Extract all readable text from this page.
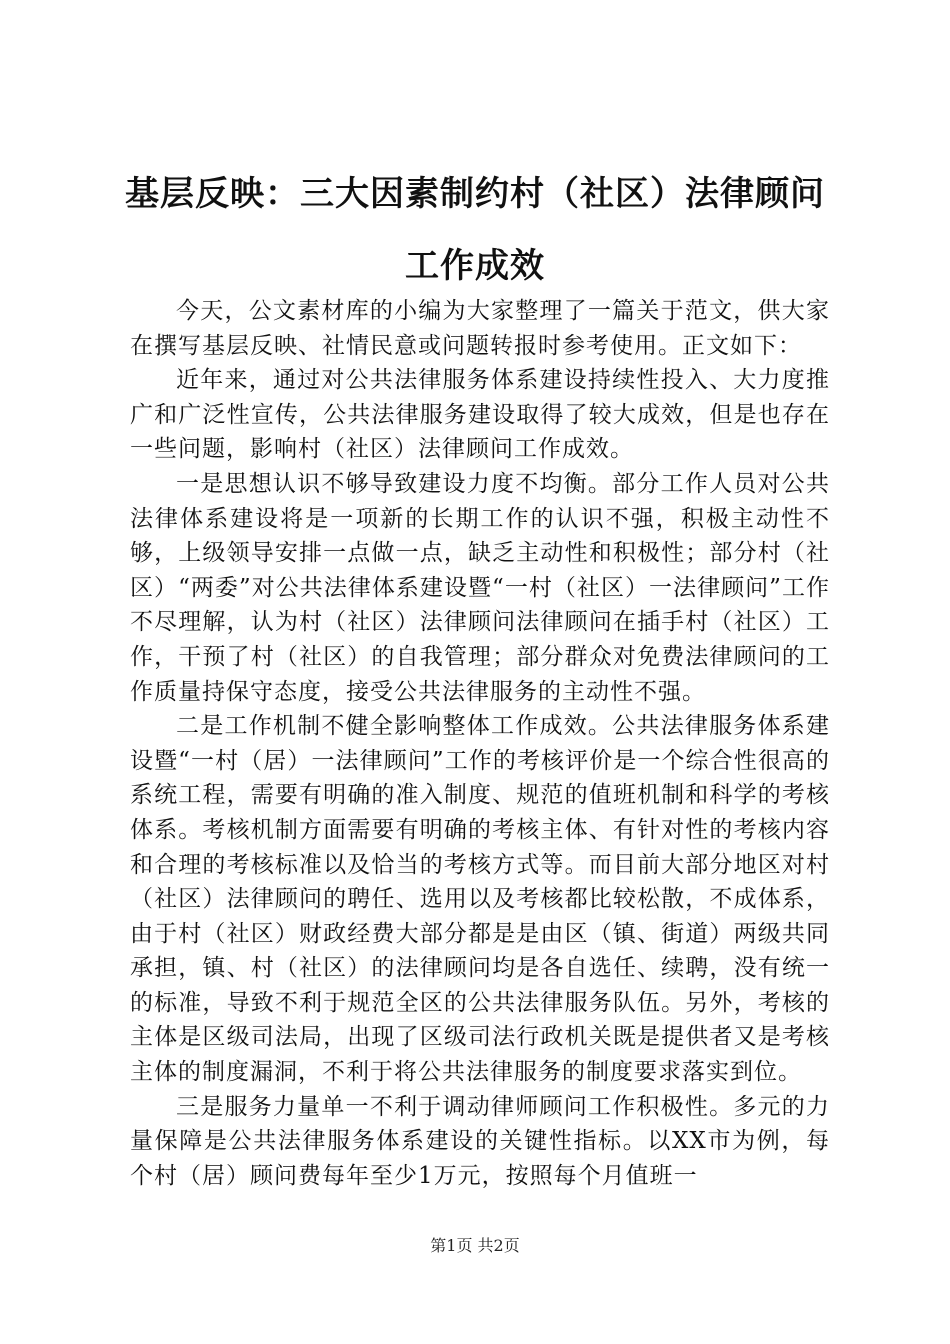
基层反映：三大因素制约村（社区）法律顾问工作成效

今天，公文素材库的小编为大家整理了一篇关于范文，供大家在撰写基层反映、社情民意或问题转报时参考使用。正文如下：

近年来，通过对公共法律服务体系建设持续性投入、大力度推广和广泛性宣传，公共法律服务建设取得了较大成效，但是也存在一些问题，影响村（社区）法律顾问工作成效。

一是思想认识不够导致建设力度不均衡。部分工作人员对公共法律体系建设将是一项新的长期工作的认识不强，积极主动性不够，上级领导安排一点做一点，缺乏主动性和积极性；部分村（社区）“两委”对公共法律体系建设暨“一村（社区）一法律顾问”工作不尽理解，认为村（社区）法律顾问法律顾问在插手村（社区）工作，干预了村（社区）的自我管理；部分群众对免费法律顾问的工作质量持保守态度，接受公共法律服务的主动性不强。

二是工作机制不健全影响整体工作成效。公共法律服务体系建设暨“一村（居）一法律顾问”工作的考核评价是一个综合性很高的系统工程，需要有明确的准入制度、规范的值班机制和科学的考核体系。考核机制方面需要有明确的考核主体、有针对性的考核内容和合理的考核标准以及恰当的考核方式等。而目前大部分地区对村（社区）法律顾问的聘任、选用以及考核都比较松散，不成体系，由于村（社区）财政经费大部分都是是由区（镇、街道）两级共同承担，镇、村（社区）的法律顾问均是各自选任、续聘，没有统一的标准，导致不利于规范全区的公共法律服务队伍。另外，考核的主体是区级司法局，出现了区级司法行政机关既是提供者又是考核主体的制度漏洞，不利于将公共法律服务的制度要求落实到位。

三是服务力量单一不利于调动律师顾问工作积极性。多元的力量保障是公共法律服务体系建设的关键性指标。以XX市为例，每个村（居）顾问费每年至少1万元，按照每个月值班一

第1页 共2页
